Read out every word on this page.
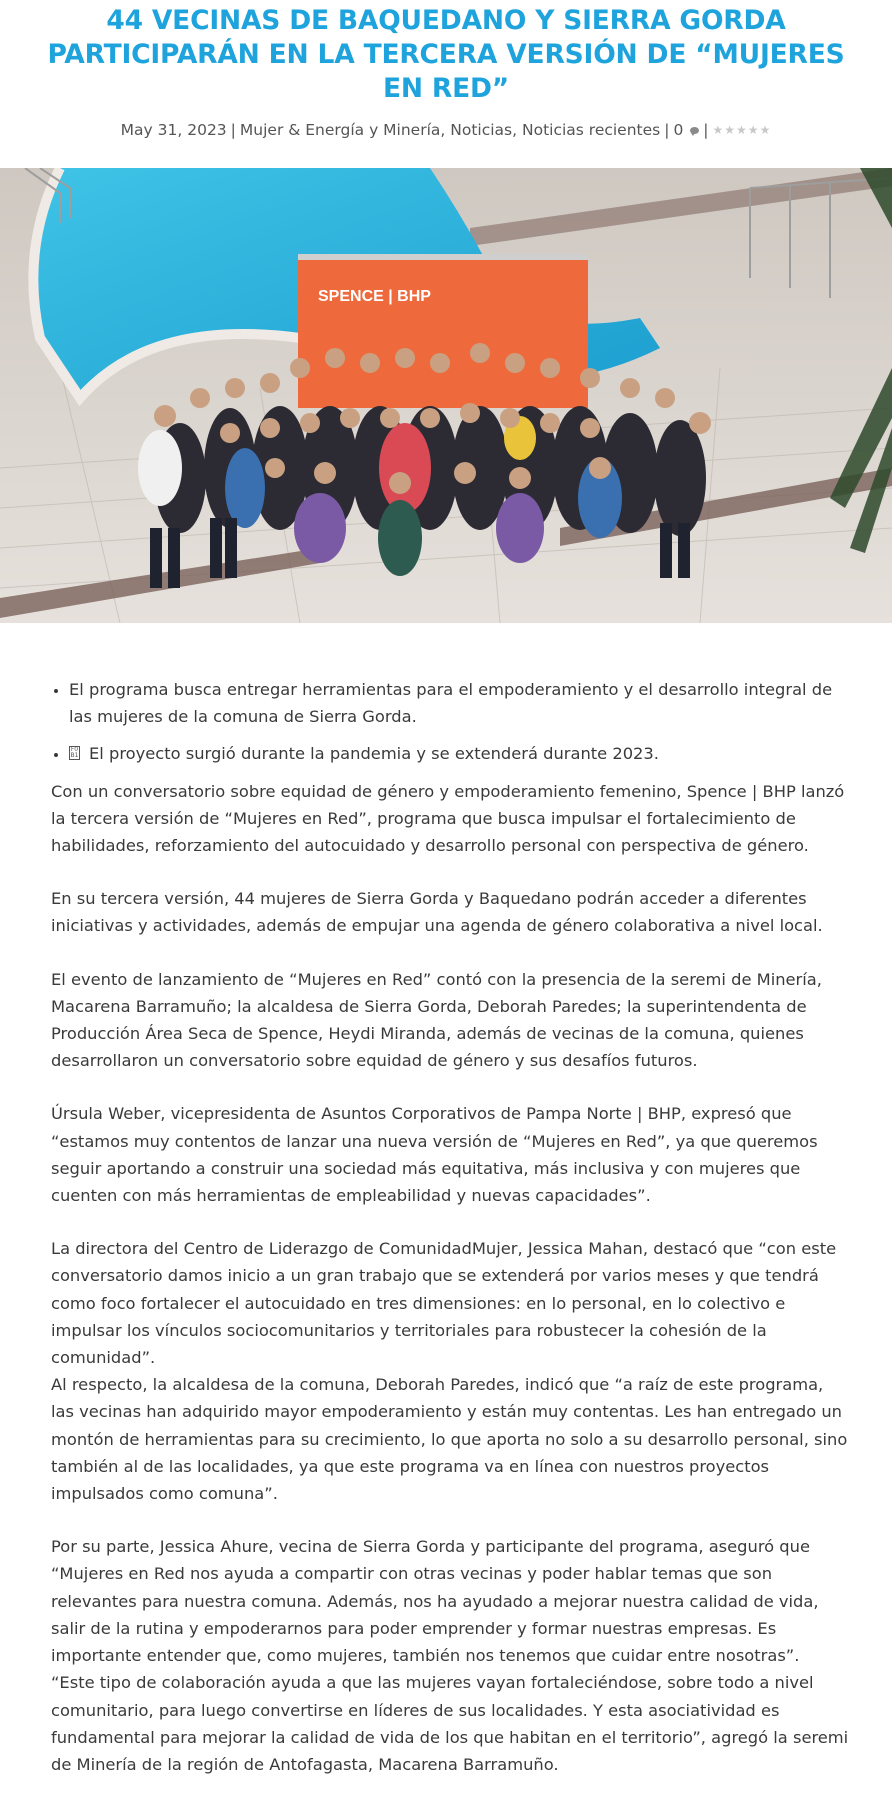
44 VECINAS DE BAQUEDANO Y SIERRA GORDA PARTICIPARÁN EN LA TERCERA VERSIÓN DE “MUJERES EN RED”
May 31, 2023 | Mujer & Energía y Minería, Noticias, Noticias recientes | 0 | ★★★★★
SPENCE | BHP
• El programa busca entregar herramientas para el empoderamiento y el desarrollo integral de las mujeres de la comuna de Sierra Gorda.
• F0
B1 El proyecto surgió durante la pandemia y se extenderá durante 2023.

Con un conversatorio sobre equidad de género y empoderamiento femenino, Spence | BHP lanzó la tercera versión de “Mujeres en Red”, programa que busca impulsar el fortalecimiento de habilidades, reforzamiento del autocuidado y desarrollo personal con perspectiva de género.

En su tercera versión, 44 mujeres de Sierra Gorda y Baquedano podrán acceder a diferentes iniciativas y actividades, además de empujar una agenda de género colaborativa a nivel local.

El evento de lanzamiento de “Mujeres en Red” contó con la presencia de la seremi de Minería, Macarena Barramuño; la alcaldesa de Sierra Gorda, Deborah Paredes; la superintendenta de Producción Área Seca de Spence, Heydi Miranda, además de vecinas de la comuna, quienes desarrollaron un conversatorio sobre equidad de género y sus desafíos futuros.

Úrsula Weber, vicepresidenta de Asuntos Corporativos de Pampa Norte | BHP, expresó que “estamos muy contentos de lanzar una nueva versión de “Mujeres en Red”, ya que queremos seguir aportando a construir una sociedad más equitativa, más inclusiva y con mujeres que cuenten con más herramientas de empleabilidad y nuevas capacidades”.

La directora del Centro de Liderazgo de ComunidadMujer, Jessica Mahan, destacó que “con este conversatorio damos inicio a un gran trabajo que se extenderá por varios meses y que tendrá como foco fortalecer el autocuidado en tres dimensiones: en lo personal, en lo colectivo e impulsar los vínculos sociocomunitarios y territoriales para robustecer la cohesión de la comunidad”.

Al respecto, la alcaldesa de la comuna, Deborah Paredes, indicó que “a raíz de este programa, las vecinas han adquirido mayor empoderamiento y están muy contentas. Les han entregado un montón de herramientas para su crecimiento, lo que aporta no solo a su desarrollo personal, sino también al de las localidades, ya que este programa va en línea con nuestros proyectos impulsados como comuna”.

Por su parte, Jessica Ahure, vecina de Sierra Gorda y participante del programa, aseguró que “Mujeres en Red nos ayuda a compartir con otras vecinas y poder hablar temas que son relevantes para nuestra comuna. Además, nos ha ayudado a mejorar nuestra calidad de vida, salir de la rutina y empoderarnos para poder emprender y formar nuestras empresas. Es importante entender que, como mujeres, también nos tenemos que cuidar entre nosotras”.

“Este tipo de colaboración ayuda a que las mujeres vayan fortaleciéndose, sobre todo a nivel comunitario, para luego convertirse en líderes de sus localidades. Y esta asociatividad es fundamental para mejorar la calidad de vida de los que habitan en el territorio”, agregó la seremi de Minería de la región de Antofagasta, Macarena Barramuño.
